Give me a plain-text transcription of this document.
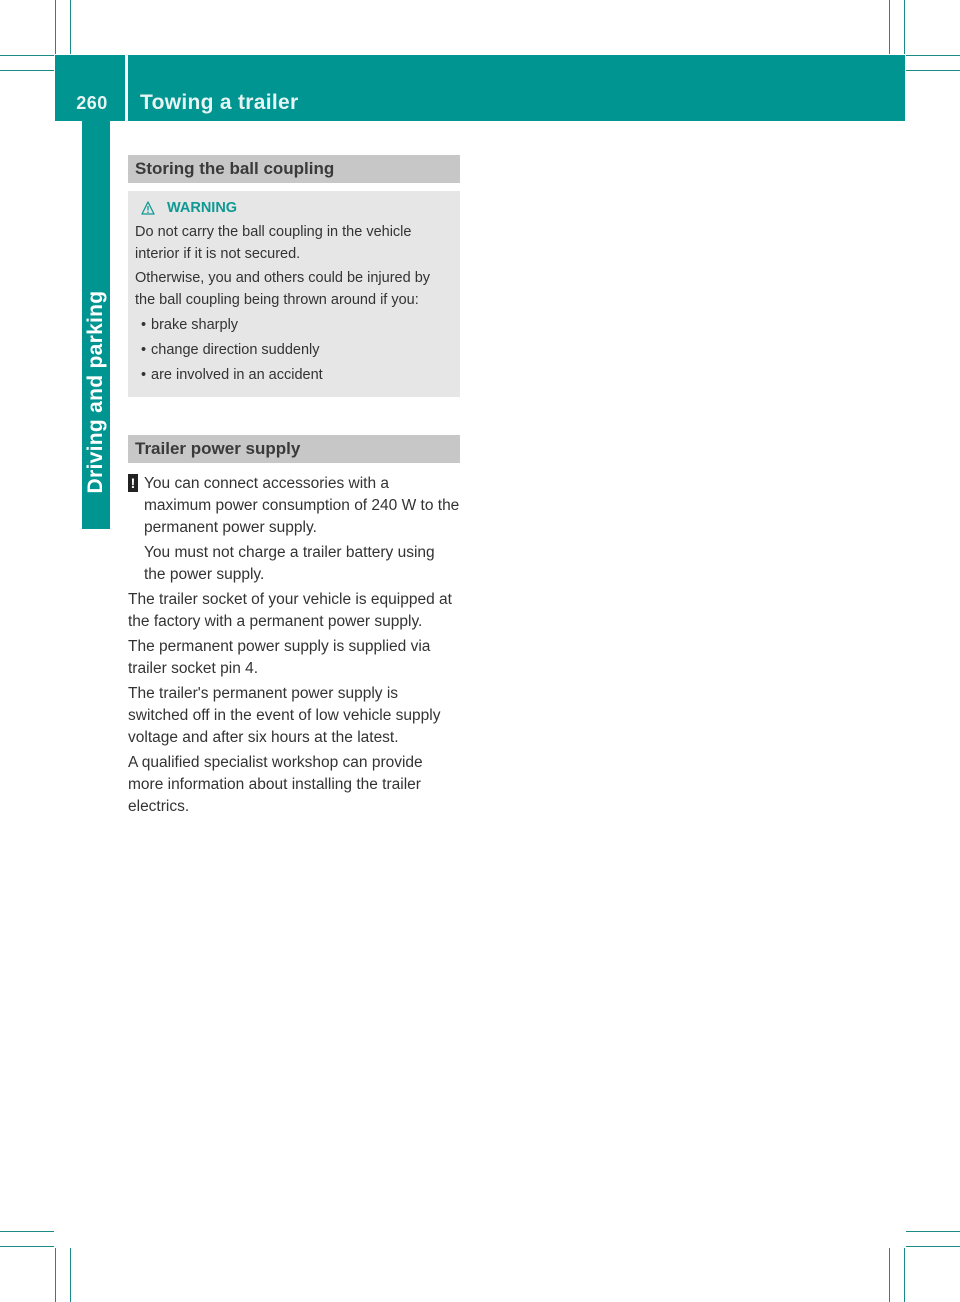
260	Towing a trailer
Driving and parking
Storing the ball coupling
WARNING

Do not carry the ball coupling in the vehicle interior if it is not secured.

Otherwise, you and others could be injured by the ball coupling being thrown around if you:

• brake sharply
• change direction suddenly
• are involved in an accident
Trailer power supply
! You can connect accessories with a maximum power consumption of 240 W to the permanent power supply.

You must not charge a trailer battery using the power supply.

The trailer socket of your vehicle is equipped at the factory with a permanent power supply.

The permanent power supply is supplied via trailer socket pin 4.

The trailer's permanent power supply is switched off in the event of low vehicle supply voltage and after six hours at the latest.

A qualified specialist workshop can provide more information about installing the trailer electrics.
